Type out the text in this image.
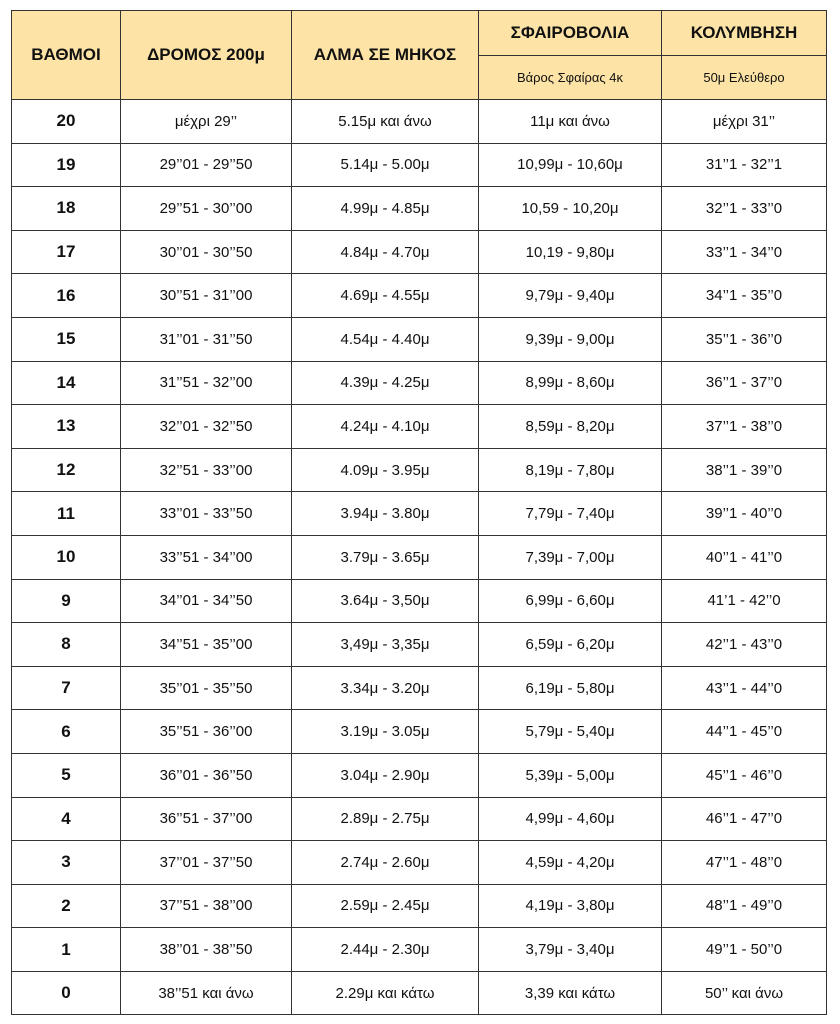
ΒΑΘΜΟΙ	ΔΡΟΜΟΣ 200μ	ΑΛΜΑ ΣΕ ΜΗΚΟΣ	ΣΦΑΙΡΟΒΟΛΙΑ	ΚΟΛΥΜΒΗΣΗ
			Βάρος Σφαίρας 4κ	50μ Ελεύθερο
20	μέχρι 29’’	5.15μ και άνω	11μ και άνω	μέχρι 31’’
19	29’’01 - 29’’50	5.14μ - 5.00μ	10,99μ - 10,60μ	31’’1 - 32’’1
18	29’’51 - 30’’00	4.99μ - 4.85μ	10,59 - 10,20μ	32’’1 - 33’’0
17	30’’01 - 30’’50	4.84μ - 4.70μ	10,19 - 9,80μ	33’’1 - 34’’0
16	30’’51 - 31’’00	4.69μ - 4.55μ	9,79μ - 9,40μ	34’’1 - 35’’0
15	31’’01 - 31’’50	4.54μ - 4.40μ	9,39μ - 9,00μ	35’’1 - 36’’0
14	31’’51 - 32’’00	4.39μ - 4.25μ	8,99μ - 8,60μ	36’’1 - 37’’0
13	32’’01 - 32’’50	4.24μ - 4.10μ	8,59μ - 8,20μ	37’’1 - 38’’0
12	32’’51 - 33’’00	4.09μ - 3.95μ	8,19μ - 7,80μ	38’’1 - 39’’0
11	33’’01 - 33’’50	3.94μ - 3.80μ	7,79μ - 7,40μ	39’’1 - 40’’0
10	33’’51 - 34’’00	3.79μ - 3.65μ	7,39μ - 7,00μ	40’’1 - 41’’0
9	34’’01 - 34’’50	3.64μ - 3,50μ	6,99μ - 6,60μ	41’1 - 42’’0
8	34’’51 - 35’’00	3,49μ - 3,35μ	6,59μ - 6,20μ	42’’1 - 43’’0
7	35’’01 - 35’’50	3.34μ - 3.20μ	6,19μ - 5,80μ	43’’1 - 44’’0
6	35’’51 - 36’’00	3.19μ - 3.05μ	5,79μ - 5,40μ	44’’1 - 45’’0
5	36’’01 - 36’’50	3.04μ - 2.90μ	5,39μ - 5,00μ	45’’1 - 46’’0
4	36’’51 - 37’’00	2.89μ - 2.75μ	4,99μ - 4,60μ	46’’1 - 47’’0
3	37’’01 - 37’’50	2.74μ - 2.60μ	4,59μ - 4,20μ	47’’1 - 48’’0
2	37’’51 - 38’’00	2.59μ - 2.45μ	4,19μ - 3,80μ	48’’1 - 49’’0
1	38’’01 - 38’’50	2.44μ - 2.30μ	3,79μ - 3,40μ	49’’1 - 50’’0
0	38’’51 και άνω	2.29μ και κάτω	3,39 και κάτω	50’’ και άνω
